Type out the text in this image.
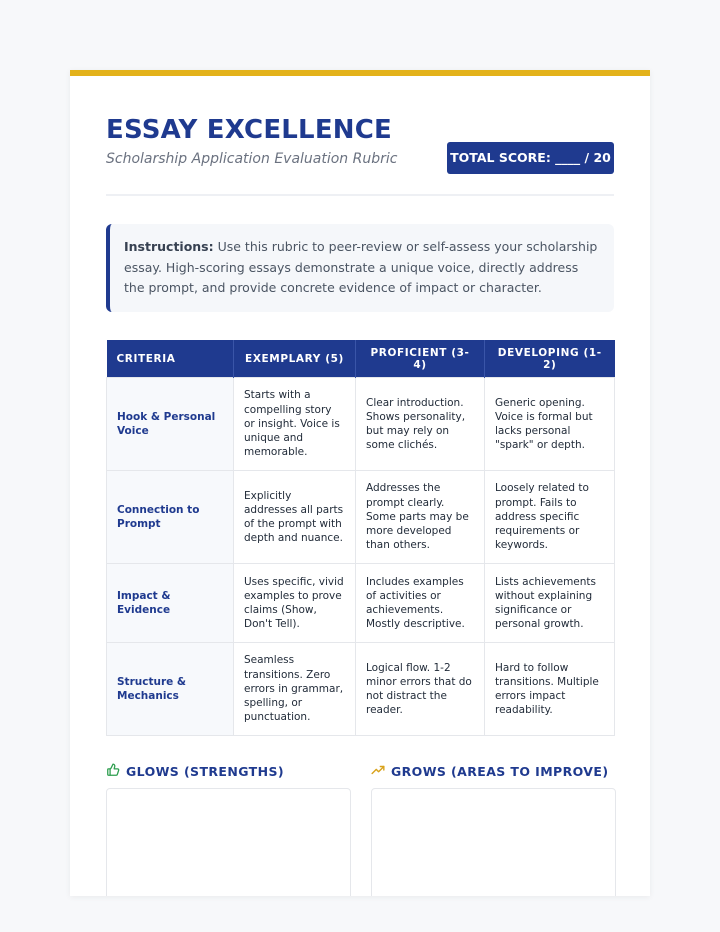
ESSAY EXCELLENCE
Scholarship Application Evaluation Rubric	TOTAL SCORE: ____ / 20
Instructions: Use this rubric to peer-review or self-assess your scholarship essay. High-scoring essays demonstrate a unique voice, directly address the prompt, and provide concrete evidence of impact or character.
CRITERIA	EXEMPLARY (5)	PROFICIENT (3-4)	DEVELOPING (1-2)
Hook & Personal Voice	Starts with a compelling story or insight. Voice is unique and memorable.	Clear introduction. Shows personality, but may rely on some clichés.	Generic opening. Voice is formal but lacks personal "spark" or depth.
Connection to Prompt	Explicitly addresses all parts of the prompt with depth and nuance.	Addresses the prompt clearly. Some parts may be more developed than others.	Loosely related to prompt. Fails to address specific requirements or keywords.
Impact & Evidence	Uses specific, vivid examples to prove claims (Show, Don't Tell).	Includes examples of activities or achievements. Mostly descriptive.	Lists achievements without explaining significance or personal growth.
Structure & Mechanics	Seamless transitions. Zero errors in grammar, spelling, or punctuation.	Logical flow. 1-2 minor errors that do not distract the reader.	Hard to follow transitions. Multiple errors impact readability.
GLOWS (STRENGTHS)	GROWS (AREAS TO IMPROVE)
